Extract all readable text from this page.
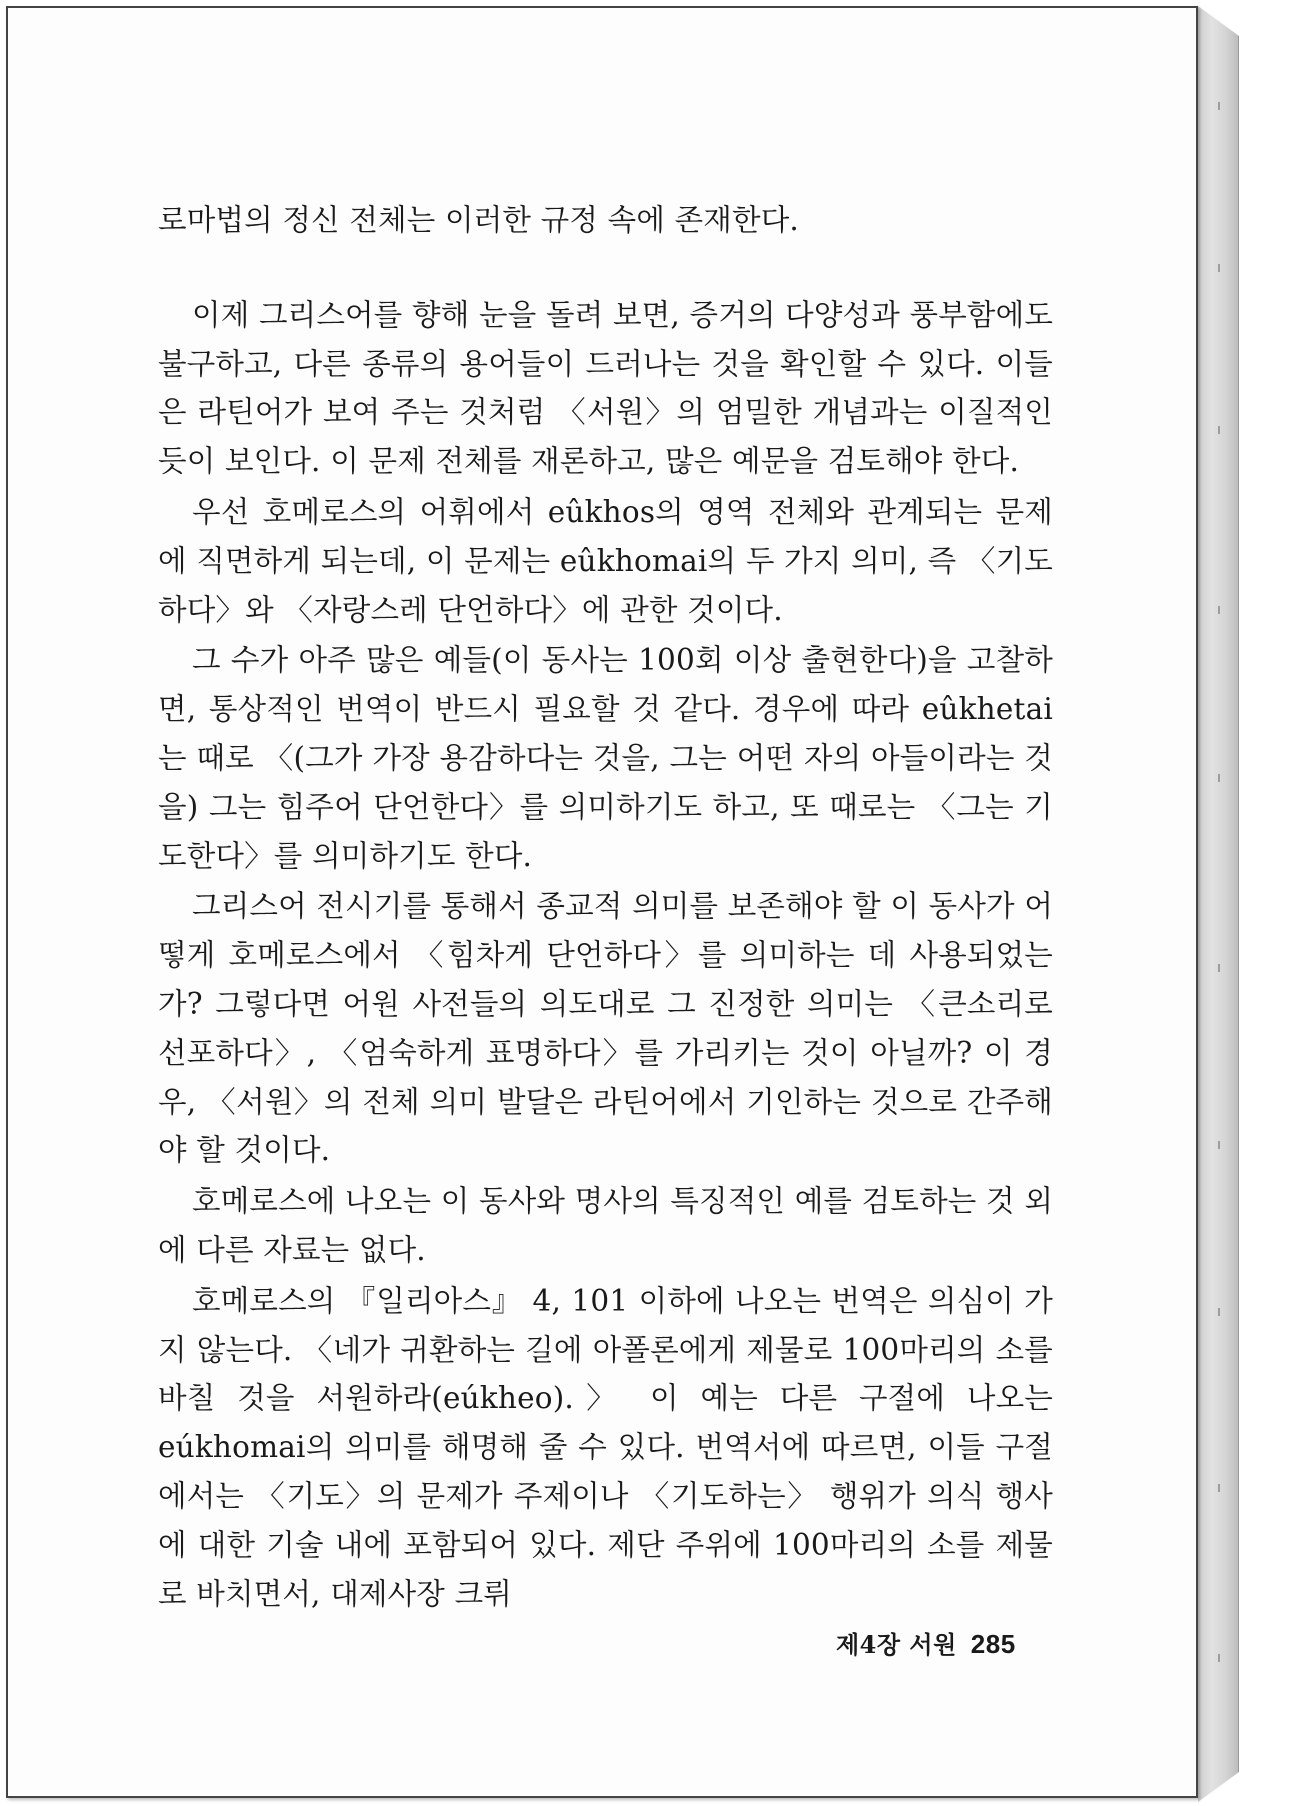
로마법의 정신 전체는 이러한 규정 속에 존재한다.

이제 그리스어를 향해 눈을 돌려 보면, 증거의 다양성과 풍부함에도 불구하고, 다른 종류의 용어들이 드러나는 것을 확인할 수 있다. 이들은 라틴어가 보여 주는 것처럼 〈서원〉의 엄밀한 개념과는 이질적인 듯이 보인다. 이 문제 전체를 재론하고, 많은 예문을 검토해야 한다.

우선 호메로스의 어휘에서 eûkhos의 영역 전체와 관계되는 문제에 직면하게 되는데, 이 문제는 eûkhomai의 두 가지 의미, 즉 〈기도하다〉와 〈자랑스레 단언하다〉에 관한 것이다.

그 수가 아주 많은 예들(이 동사는 100회 이상 출현한다)을 고찰하면, 통상적인 번역이 반드시 필요할 것 같다. 경우에 따라 eûkhetai는 때로 〈(그가 가장 용감하다는 것을, 그는 어떤 자의 아들이라는 것을) 그는 힘주어 단언한다〉를 의미하기도 하고, 또 때로는 〈그는 기도한다〉를 의미하기도 한다.

그리스어 전시기를 통해서 종교적 의미를 보존해야 할 이 동사가 어떻게 호메로스에서 〈힘차게 단언하다〉를 의미하는 데 사용되었는가? 그렇다면 어원 사전들의 의도대로 그 진정한 의미는 〈큰소리로 선포하다〉, 〈엄숙하게 표명하다〉를 가리키는 것이 아닐까? 이 경우, 〈서원〉의 전체 의미 발달은 라틴어에서 기인하는 것으로 간주해야 할 것이다.

호메로스에 나오는 이 동사와 명사의 특징적인 예를 검토하는 것 외에 다른 자료는 없다.

호메로스의 『일리아스』 4, 101 이하에 나오는 번역은 의심이 가지 않는다. 〈네가 귀환하는 길에 아폴론에게 제물로 100마리의 소를 바칠 것을 서원하라(eúkheo).〉 이 예는 다른 구절에 나오는 eúkhomai의 의미를 해명해 줄 수 있다. 번역서에 따르면, 이들 구절에서는 〈기도〉의 문제가 주제이나 〈기도하는〉 행위가 의식 행사에 대한 기술 내에 포함되어 있다. 제단 주위에 100마리의 소를 제물로 바치면서, 대제사장 크뤼

제4장 서원 285
